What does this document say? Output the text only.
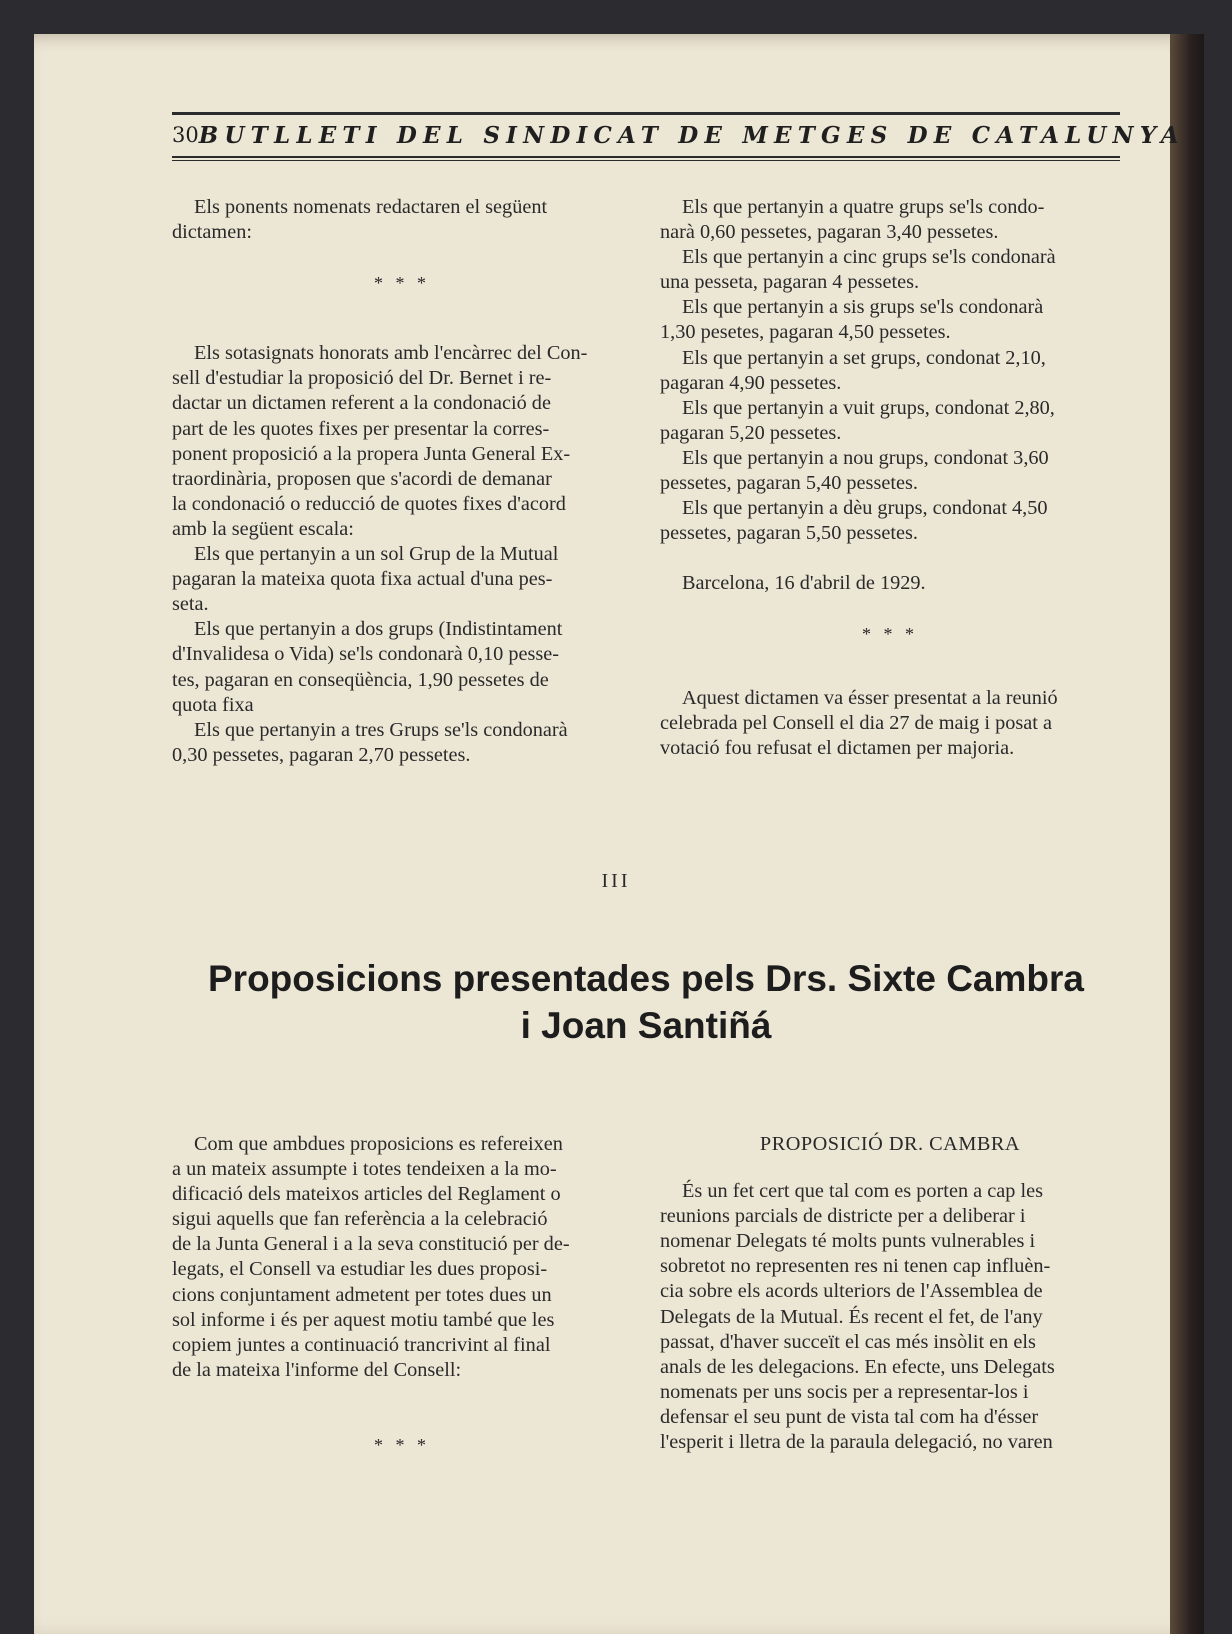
30 BUTLLETI DEL SINDICAT DE METGES DE CATALUNYA

Els ponents nomenats redactaren el següent
dictamen:

* * *

Els sotasignats honorats amb l'encàrrec del Con-
sell d'estudiar la proposició del Dr. Bernet i re-
dactar un dictamen referent a la condonació de
part de les quotes fixes per presentar la corres-
ponent proposició a la propera Junta General Ex-
traordinària, proposen que s'acordi de demanar
la condonació o reducció de quotes fixes d'acord
amb la següent escala:

Els que pertanyin a un sol Grup de la Mutual
pagaran la mateixa quota fixa actual d'una pes-
seta.

Els que pertanyin a dos grups (Indistintament
d'Invalidesa o Vida) se'ls condonarà 0,10 pesse-
tes, pagaran en conseqüència, 1,90 pessetes de
quota fixa

Els que pertanyin a tres Grups se'ls condonarà
0,30 pessetes, pagaran 2,70 pessetes.

Els que pertanyin a quatre grups se'ls condo-
narà 0,60 pessetes, pagaran 3,40 pessetes.

Els que pertanyin a cinc grups se'ls condonarà
una pesseta, pagaran 4 pessetes.

Els que pertanyin a sis grups se'ls condonarà
1,30 pesetes, pagaran 4,50 pessetes.

Els que pertanyin a set grups, condonat 2,10,
pagaran 4,90 pessetes.

Els que pertanyin a vuit grups, condonat 2,80,
pagaran 5,20 pessetes.

Els que pertanyin a nou grups, condonat 3,60
pessetes, pagaran 5,40 pessetes.

Els que pertanyin a dèu grups, condonat 4,50
pessetes, pagaran 5,50 pessetes.

Barcelona, 16 d'abril de 1929.

* * *

Aquest dictamen va ésser presentat a la reunió
celebrada pel Consell el dia 27 de maig i posat a
votació fou refusat el dictamen per majoria.

III
Proposicions presentades pels Drs. Sixte Cambra
i Joan Santiñá

Com que ambdues proposicions es refereixen
a un mateix assumpte i totes tendeixen a la mo-
dificació dels mateixos articles del Reglament o
sigui aquells que fan referència a la celebració
de la Junta General i a la seva constitució per de-
legats, el Consell va estudiar les dues proposi-
cions conjuntament admetent per totes dues un
sol informe i és per aquest motiu també que les
copiem juntes a continuació trancrivint al final
de la mateixa l'informe del Consell:

* * *

PROPOSICIÓ DR. CAMBRA

És un fet cert que tal com es porten a cap les
reunions parcials de districte per a deliberar i
nomenar Delegats té molts punts vulnerables i
sobretot no representen res ni tenen cap influèn-
cia sobre els acords ulteriors de l'Assemblea de
Delegats de la Mutual. És recent el fet, de l'any
passat, d'haver succeït el cas més insòlit en els
anals de les delegacions. En efecte, uns Delegats
nomenats per uns socis per a representar-los i
defensar el seu punt de vista tal com ha d'ésser
l'esperit i lletra de la paraula delegació, no varen
